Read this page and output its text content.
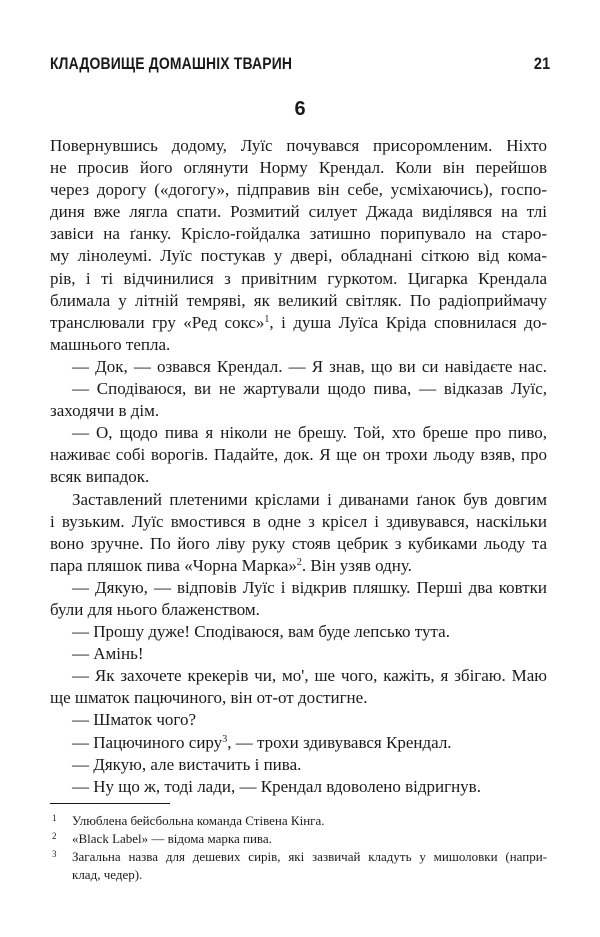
КЛАДОВИЩЕ ДОМАШНІХ ТВАРИН	21
6
Повернувшись додому, Луїс почувався присоромленим. Ніхто
не просив його оглянути Норму Крендал. Коли він перейшов
через дорогу («догогу», підправив він себе, усміхаючись), госпо-
диня вже лягла спати. Розмитий силует Джада виділявся на тлі
завіси на ґанку. Крісло-гойдалка затишно порипувало на старо-
му лінолеумі. Луїс постукав у двері, обладнані сіткою від кома-
рів, і ті відчинилися з привітним гуркотом. Цигарка Крендала
блимала у літній темряві, як великий світляк. По радіоприймачу
транслювали гру «Ред сокс»$^1$, і душа Луїса Кріда сповнилася до-
машнього тепла.
— Док, — озвався Крендал. — Я знав, що ви си навідаєте нас.
— Сподіваюся, ви не жартували щодо пива, — відказав Луїс,
заходячи в дім.
— О, щодо пива я ніколи не брешу. Той, хто бреше про пиво,
наживає собі ворогів. Падайте, док. Я ще он трохи льоду взяв, про
всяк випадок.
Заставлений плетеними кріслами і диванами ґанок був довгим
і вузьким. Луїс вмостився в одне з крісел і здивувався, наскільки
воно зручне. По його ліву руку стояв цебрик з кубиками льоду та
пара пляшок пива «Чорна Марка»$^2$. Він узяв одну.
— Дякую, — відповів Луїс і відкрив пляшку. Перші два ковтки
були для нього блаженством.
— Прошу дуже! Сподіваюся, вам буде лепсько тута.
— Амінь!
— Як захочете крекерів чи, мо', ше чого, кажіть, я збігаю. Маю
ще шматок пацючиного, він от-от достигне.
— Шматок чого?
— Пацючиного сиру$^3$, — трохи здивувався Крендал.
— Дякую, але вистачить і пива.
— Ну що ж, тоді лади, — Крендал вдоволено відригнув.
1 Улюблена бейсбольна команда Стівена Кінга.
2 «Black Label» — відома марка пива.
3 Загальна назва для дешевих сирів, які зазвичай кладуть у мишоловки (напри-
клад, чедер).
